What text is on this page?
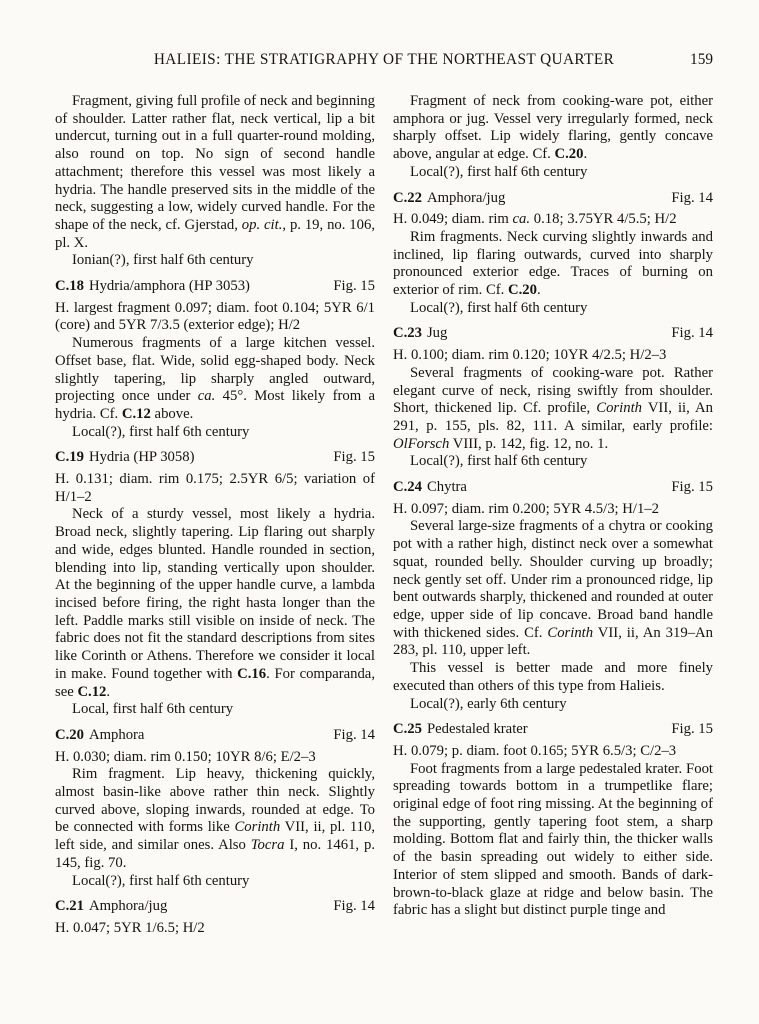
HALIEIS: THE STRATIGRAPHY OF THE NORTHEAST QUARTER	159

Fragment, giving full profile of neck and beginning of shoulder. Latter rather flat, neck vertical, lip a bit undercut, turning out in a full quarter-round molding, also round on top. No sign of second handle attachment; therefore this vessel was most likely a hydria. The handle preserved sits in the middle of the neck, suggesting a low, widely curved handle. For the shape of the neck, cf. Gjerstad, op. cit., p. 19, no. 106, pl. X.

Ionian(?), first half 6th century

C.18 Hydria/amphora (HP 3053)	Fig. 15

H. largest fragment 0.097; diam. foot 0.104; 5YR 6/1 (core) and 5YR 7/3.5 (exterior edge); H/2

Numerous fragments of a large kitchen vessel. Offset base, flat. Wide, solid egg-shaped body. Neck slightly tapering, lip sharply angled outward, projecting once under ca. 45°. Most likely from a hydria. Cf. C.12 above.

Local(?), first half 6th century

C.19 Hydria (HP 3058)	Fig. 15

H. 0.131; diam. rim 0.175; 2.5YR 6/5; variation of H/1–2

Neck of a sturdy vessel, most likely a hydria. Broad neck, slightly tapering. Lip flaring out sharply and wide, edges blunted. Handle rounded in section, blending into lip, standing vertically upon shoulder. At the beginning of the upper handle curve, a lambda incised before firing, the right hasta longer than the left. Paddle marks still visible on inside of neck. The fabric does not fit the standard descriptions from sites like Corinth or Athens. Therefore we consider it local in make. Found together with C.16. For comparanda, see C.12.

Local, first half 6th century

C.20 Amphora	Fig. 14

H. 0.030; diam. rim 0.150; 10YR 8/6; E/2–3

Rim fragment. Lip heavy, thickening quickly, almost basin-like above rather thin neck. Slightly curved above, sloping inwards, rounded at edge. To be connected with forms like Corinth VII, ii, pl. 110, left side, and similar ones. Also Tocra I, no. 1461, p. 145, fig. 70.

Local(?), first half 6th century

C.21 Amphora/jug	Fig. 14

H. 0.047; 5YR 1/6.5; H/2

Fragment of neck from cooking-ware pot, either amphora or jug. Vessel very irregularly formed, neck sharply offset. Lip widely flaring, gently concave above, angular at edge. Cf. C.20.

Local(?), first half 6th century

C.22 Amphora/jug	Fig. 14

H. 0.049; diam. rim ca. 0.18; 3.75YR 4/5.5; H/2

Rim fragments. Neck curving slightly inwards and inclined, lip flaring outwards, curved into sharply pronounced exterior edge. Traces of burning on exterior of rim. Cf. C.20.

Local(?), first half 6th century

C.23 Jug	Fig. 14

H. 0.100; diam. rim 0.120; 10YR 4/2.5; H/2–3

Several fragments of cooking-ware pot. Rather elegant curve of neck, rising swiftly from shoulder. Short, thickened lip. Cf. profile, Corinth VII, ii, An 291, p. 155, pls. 82, 111. A similar, early profile: OlForsch VIII, p. 142, fig. 12, no. 1.

Local(?), first half 6th century

C.24 Chytra	Fig. 15

H. 0.097; diam. rim 0.200; 5YR 4.5/3; H/1–2

Several large-size fragments of a chytra or cooking pot with a rather high, distinct neck over a somewhat squat, rounded belly. Shoulder curving up broadly; neck gently set off. Under rim a pronounced ridge, lip bent outwards sharply, thickened and rounded at outer edge, upper side of lip concave. Broad band handle with thickened sides. Cf. Corinth VII, ii, An 319–An 283, pl. 110, upper left.

This vessel is better made and more finely executed than others of this type from Halieis.

Local(?), early 6th century

C.25 Pedestaled krater	Fig. 15

H. 0.079; p. diam. foot 0.165; 5YR 6.5/3; C/2–3

Foot fragments from a large pedestaled krater. Foot spreading towards bottom in a trumpetlike flare; original edge of foot ring missing. At the beginning of the supporting, gently tapering foot stem, a sharp molding. Bottom flat and fairly thin, the thicker walls of the basin spreading out widely to either side. Interior of stem slipped and smooth. Bands of dark-brown-to-black glaze at ridge and below basin. The fabric has a slight but distinct purple tinge and
